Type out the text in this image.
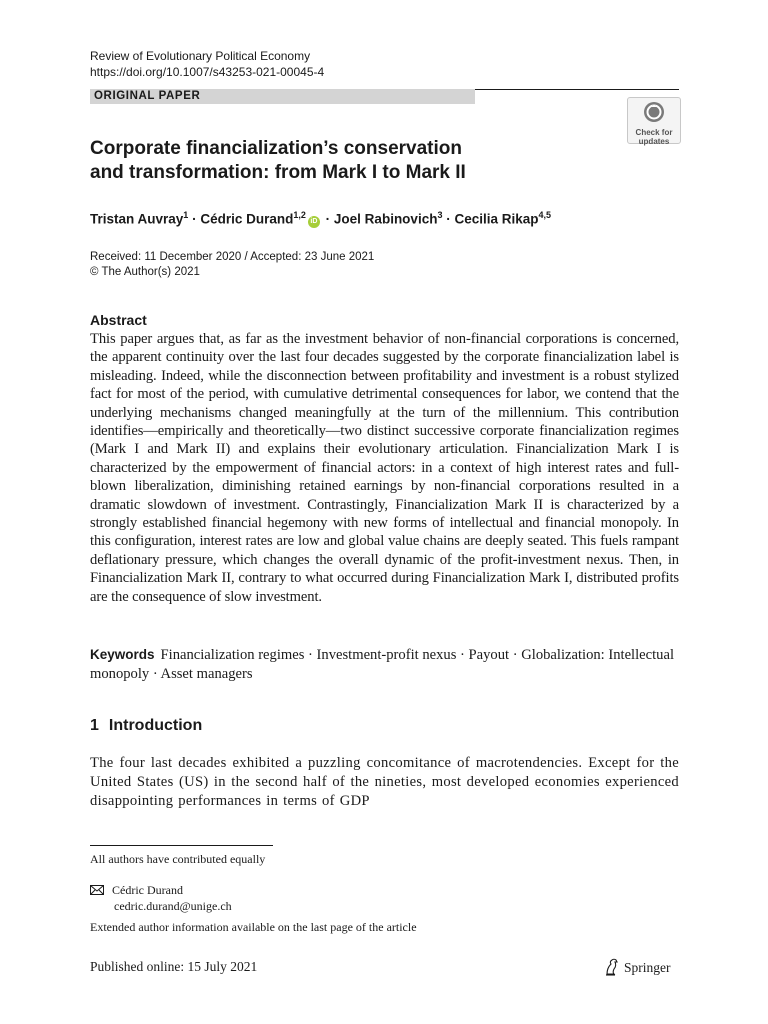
Review of Evolutionary Political Economy
https://doi.org/10.1007/s43253-021-00045-4
ORIGINAL PAPER
Check for
updates
Corporate financialization’s conservation
and transformation: from Mark I to Mark II
Tristan Auvray$^1$ · Cédric Durand$^{1,2}$iD · Joel Rabinovich$^3$ · Cecilia Rikap$^{4,5}$
Received: 11 December 2020 / Accepted: 23 June 2021
© The Author(s) 2021
Abstract

This paper argues that, as far as the investment behavior of non-financial corporations is concerned, the apparent continuity over the last four decades suggested by the corporate financialization label is misleading. Indeed, while the disconnection between profitability and investment is a robust stylized fact for most of the period, with cumulative detrimental consequences for labor, we contend that the underlying mechanisms changed meaningfully at the turn of the millennium. This contribution identifies—empirically and theoretically—two distinct successive corporate financialization regimes (Mark I and Mark II) and explains their evolutionary articulation. Financialization Mark I is characterized by the empowerment of financial actors: in a context of high interest rates and full-blown liberalization, diminishing retained earnings by non-financial corporations resulted in a dramatic slowdown of investment. Contrastingly, Financialization Mark II is characterized by a strongly established financial hegemony with new forms of intellectual and financial monopoly. In this configuration, interest rates are low and global value chains are deeply seated. This fuels rampant deflationary pressure, which changes the overall dynamic of the profit-investment nexus. Then, in Financialization Mark II, contrary to what occurred during Financialization Mark I, distributed profits are the consequence of slow investment.

Keywords Financialization regimes · Investment-profit nexus · Payout · Globalization: Intellectual monopoly · Asset managers
1 Introduction

The four last decades exhibited a puzzling concomitance of macrotendencies. Except for the United States (US) in the second half of the nineties, most developed economies experienced disappointing performances in terms of GDP

All authors have contributed equally
Cédric Durand
cedric.durand@unige.ch
Extended author information available on the last page of the article
Published online: 15 July 2021	Springer
